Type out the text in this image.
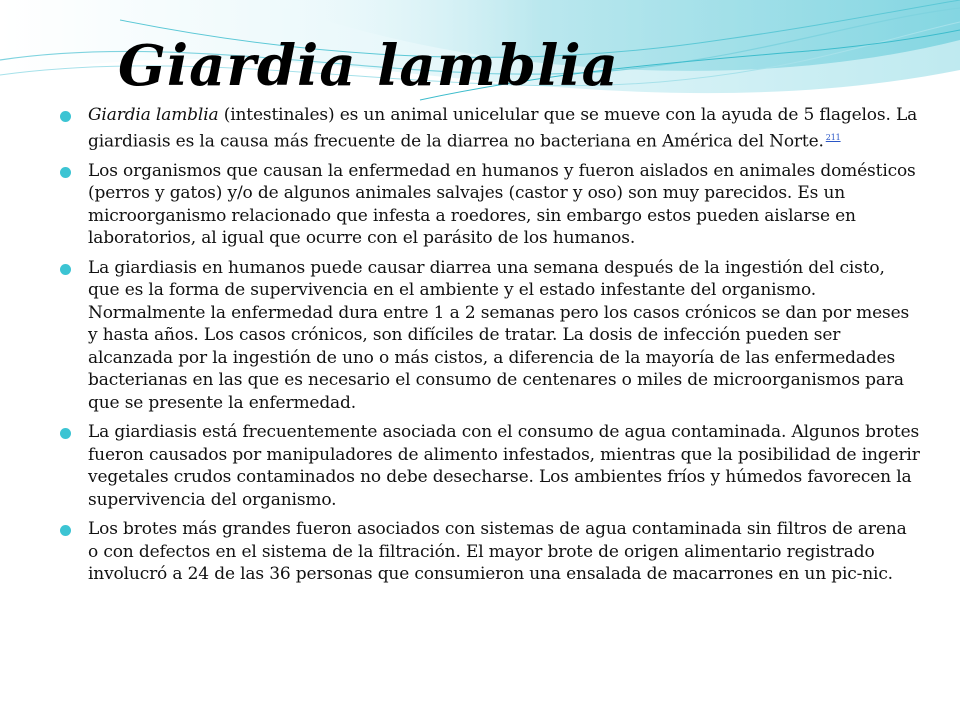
Giardia lamblia
Giardia lamblia (intestinales) es un animal unicelular que se mueve con la ayuda de 5 flagelos. La giardiasis es la causa más frecuente de la diarrea no bacteriana en América del Norte. $^{211}$
Los organismos que causan la enfermedad en humanos y fueron aislados en animales domésticos (perros y gatos) y/o de algunos animales salvajes (castor y oso) son muy parecidos. Es un microorganismo relacionado que infesta a roedores, sin embargo estos pueden aislarse en laboratorios, al igual que ocurre con el parásito de los humanos.
La giardiasis en humanos puede causar diarrea una semana después de la ingestión del cisto, que es la forma de supervivencia en el ambiente y el estado infestante del organismo. Normalmente la enfermedad dura entre 1 a 2 semanas pero los casos crónicos se dan por meses y hasta años. Los casos crónicos, son difíciles de tratar. La dosis de infección pueden ser alcanzada por la ingestión de uno o más cistos, a diferencia de la mayoría de las enfermedades bacterianas en las que es necesario el consumo de centenares o miles de microorganismos para que se presente la enfermedad.
La giardiasis está frecuentemente asociada con el consumo de agua contaminada. Algunos brotes fueron causados por manipuladores de alimento infestados, mientras que la posibilidad de ingerir vegetales crudos contaminados no debe desecharse. Los ambientes fríos y húmedos favorecen la supervivencia del organismo.
Los brotes más grandes fueron asociados con sistemas de agua contaminada sin filtros de arena o con defectos en el sistema de la filtración. El mayor brote de origen alimentario registrado involucró a 24 de las 36 personas que consumieron una ensalada de macarrones en un pic-nic.
